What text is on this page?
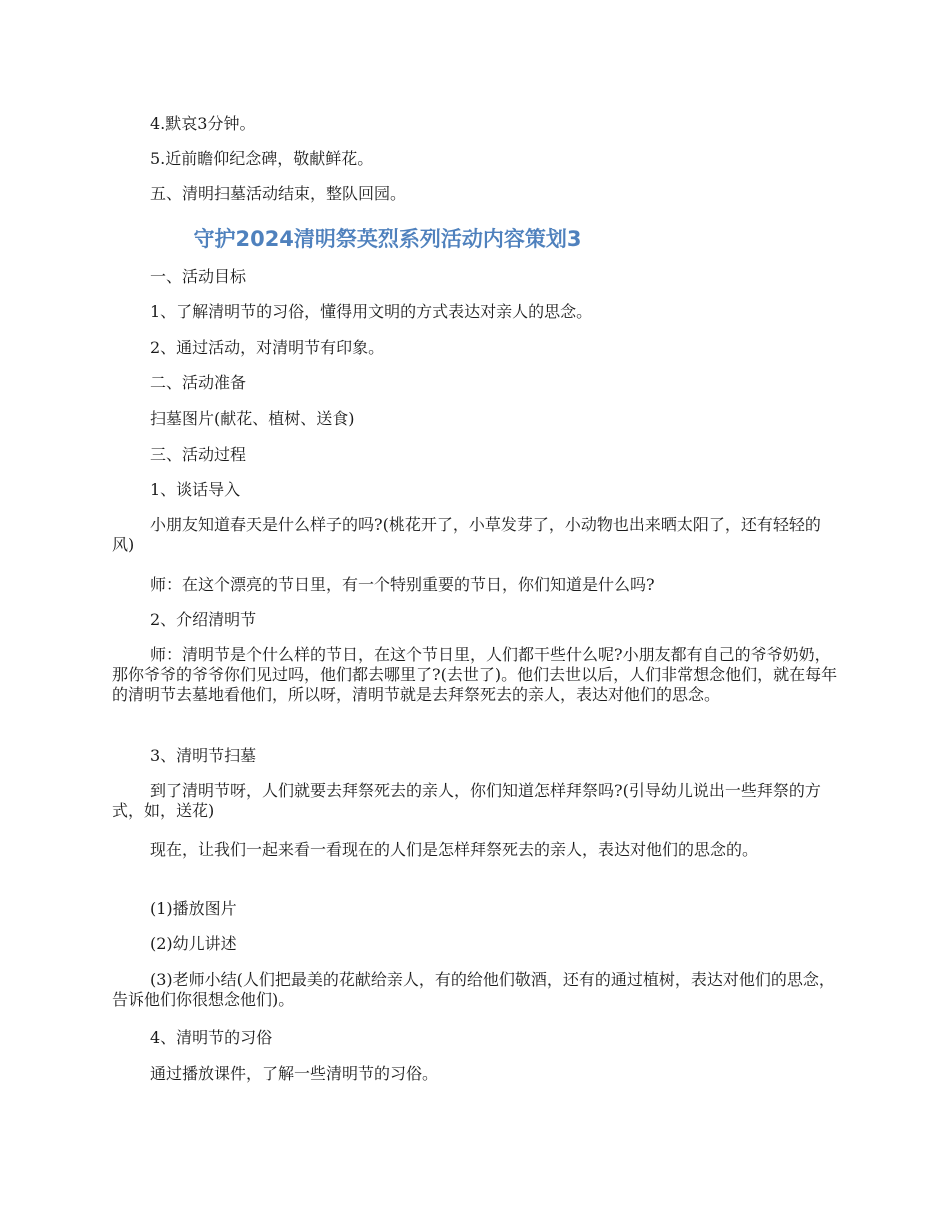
4.默哀3分钟。

5.近前瞻仰纪念碑，敬献鲜花。

五、清明扫墓活动结束，整队回园。

守护2024清明祭英烈系列活动内容策划3

一、活动目标

1、了解清明节的习俗，懂得用文明的方式表达对亲人的思念。

2、通过活动，对清明节有印象。

二、活动准备

扫墓图片(献花、植树、送食)

三、活动过程

1、谈话导入

小朋友知道春天是什么样子的吗?(桃花开了，小草发芽了，小动物也出来晒太阳了，还有轻轻的风)

师：在这个漂亮的节日里，有一个特别重要的节日，你们知道是什么吗?

2、介绍清明节

师：清明节是个什么样的节日，在这个节日里，人们都干些什么呢?小朋友都有自己的爷爷奶奶，那你爷爷的爷爷你们见过吗，他们都去哪里了?(去世了)。他们去世以后，人们非常想念他们，就在每年的清明节去墓地看他们，所以呀，清明节就是去拜祭死去的亲人，表达对他们的思念。

3、清明节扫墓

到了清明节呀，人们就要去拜祭死去的亲人，你们知道怎样拜祭吗?(引导幼儿说出一些拜祭的方式，如，送花)

现在，让我们一起来看一看现在的人们是怎样拜祭死去的亲人，表达对他们的思念的。

(1)播放图片

(2)幼儿讲述

(3)老师小结(人们把最美的花献给亲人，有的给他们敬酒，还有的通过植树，表达对他们的思念，告诉他们你很想念他们)。

4、清明节的习俗

通过播放课件，了解一些清明节的习俗。
